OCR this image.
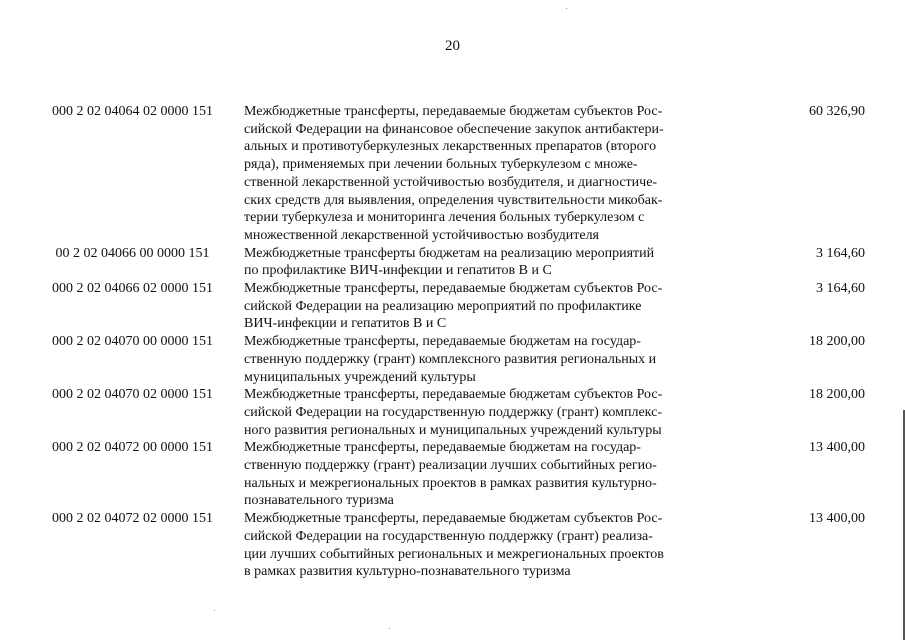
20
000 2 02 04064 02 0000 151	Межбюджетные трансферты, передаваемые бюджетам субъектов Рос-
сийской Федерации на финансовое обеспечение закупок антибактери-
альных и противотуберкулезных лекарственных препаратов (второго
ряда), применяемых при лечении больных туберкулезом с множе-
ственной лекарственной устойчивостью возбудителя, и диагностиче-
ских средств для выявления, определения чувствительности микобак-
терии туберкулеза и мониторинга лечения больных туберкулезом с
множественной лекарственной устойчивостью возбудителя
60 326,90
00 2 02 04066 00 0000 151	Межбюджетные трансферты бюджетам на реализацию мероприятий
по профилактике ВИЧ-инфекции и гепатитов В и С
3 164,60
000 2 02 04066 02 0000 151	Межбюджетные трансферты, передаваемые бюджетам субъектов Рос-
сийской Федерации на реализацию мероприятий по профилактике
ВИЧ-инфекции и гепатитов В и С
3 164,60
000 2 02 04070 00 0000 151	Межбюджетные трансферты, передаваемые бюджетам на государ-
ственную поддержку (грант) комплексного развития региональных и
муниципальных учреждений культуры
18 200,00
000 2 02 04070 02 0000 151	Межбюджетные трансферты, передаваемые бюджетам субъектов Рос-
сийской Федерации на государственную поддержку (грант) комплекс-
ного развития региональных и муниципальных учреждений культуры
18 200,00
000 2 02 04072 00 0000 151	Межбюджетные трансферты, передаваемые бюджетам на государ-
ственную поддержку (грант) реализации лучших событийных регио-
нальных и межрегиональных проектов в рамках развития культурно-
познавательного туризма
13 400,00
000 2 02 04072 02 0000 151	Межбюджетные трансферты, передаваемые бюджетам субъектов Рос-
сийской Федерации на государственную поддержку (грант) реализа-
ции лучших событийных региональных и межрегиональных проектов
в рамках развития культурно-познавательного туризма
13 400,00
